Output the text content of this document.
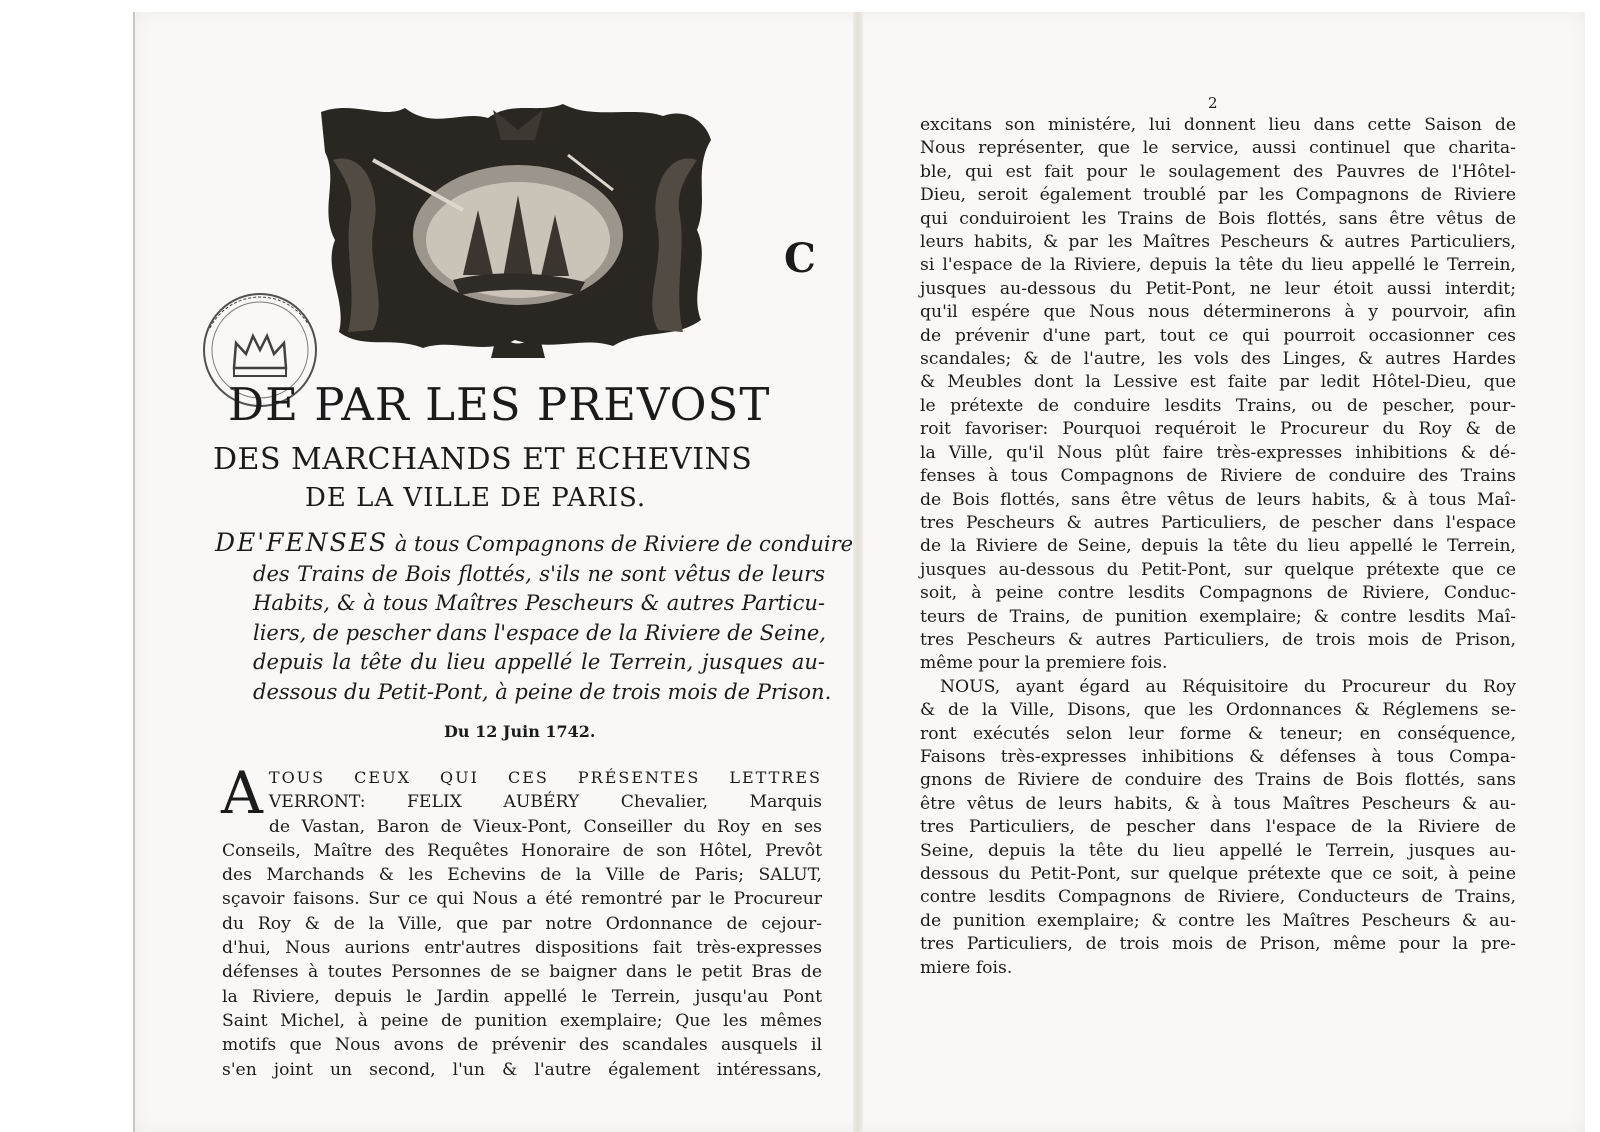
C
DE PAR LES PREVOST
DES MARCHANDS ET ECHEVINS
DE LA VILLE DE PARIS.
DE'FENSES à tous Compagnons de Riviere de conduire
des Trains de Bois flottés, s'ils ne sont vêtus de leurs
Habits, & à tous Maîtres Pescheurs & autres Particu-
liers, de pescher dans l'espace de la Riviere de Seine,
depuis la tête du lieu appellé le Terrein, jusques au-
dessous du Petit-Pont, à peine de trois mois de Prison.
Du 12 Juin 1742.
A TOUS CEUX QUI CES PRÉSENTES LETTRES
VERRONT: FELIX AUBÉRY Chevalier, Marquis
de Vastan, Baron de Vieux-Pont, Conseiller du Roy en ses
Conseils, Maître des Requêtes Honoraire de son Hôtel, Prevôt
des Marchands & les Echevins de la Ville de Paris; SALUT,
sçavoir faisons. Sur ce qui Nous a été remontré par le Procureur
du Roy & de la Ville, que par notre Ordonnance de cejour-
d'hui, Nous aurions entr'autres dispositions fait très-expresses
défenses à toutes Personnes de se baigner dans le petit Bras de
la Riviere, depuis le Jardin appellé le Terrein, jusqu'au Pont
Saint Michel, à peine de punition exemplaire; Que les mêmes
motifs que Nous avons de prévenir des scandales ausquels il
s'en joint un second, l'un & l'autre également intéressans,
2
excitans son ministére, lui donnent lieu dans cette Saison de
Nous représenter, que le service, aussi continuel que charita-
ble, qui est fait pour le soulagement des Pauvres de l'Hôtel-
Dieu, seroit également troublé par les Compagnons de Riviere
qui conduiroient les Trains de Bois flottés, sans être vêtus de
leurs habits, & par les Maîtres Pescheurs & autres Particuliers,
si l'espace de la Riviere, depuis la tête du lieu appellé le Terrein,
jusques au-dessous du Petit-Pont, ne leur étoit aussi interdit;
qu'il espére que Nous nous déterminerons à y pourvoir, afin
de prévenir d'une part, tout ce qui pourroit occasionner ces
scandales; & de l'autre, les vols des Linges, & autres Hardes
& Meubles dont la Lessive est faite par ledit Hôtel-Dieu, que
le prétexte de conduire lesdits Trains, ou de pescher, pour-
roit favoriser: Pourquoi requéroit le Procureur du Roy & de
la Ville, qu'il Nous plût faire très-expresses inhibitions & dé-
fenses à tous Compagnons de Riviere de conduire des Trains
de Bois flottés, sans être vêtus de leurs habits, & à tous Maî-
tres Pescheurs & autres Particuliers, de pescher dans l'espace
de la Riviere de Seine, depuis la tête du lieu appellé le Terrein,
jusques au-dessous du Petit-Pont, sur quelque prétexte que ce
soit, à peine contre lesdits Compagnons de Riviere, Conduc-
teurs de Trains, de punition exemplaire; & contre lesdits Maî-
tres Pescheurs & autres Particuliers, de trois mois de Prison,
même pour la premiere fois.
NOUS, ayant égard au Réquisitoire du Procureur du Roy
& de la Ville, Disons, que les Ordonnances & Réglemens se-
ront exécutés selon leur forme & teneur; en conséquence,
Faisons très-expresses inhibitions & défenses à tous Compa-
gnons de Riviere de conduire des Trains de Bois flottés, sans
être vêtus de leurs habits, & à tous Maîtres Pescheurs & au-
tres Particuliers, de pescher dans l'espace de la Riviere de
Seine, depuis la tête du lieu appellé le Terrein, jusques au-
dessous du Petit-Pont, sur quelque prétexte que ce soit, à peine
contre lesdits Compagnons de Riviere, Conducteurs de Trains,
de punition exemplaire; & contre les Maîtres Pescheurs & au-
tres Particuliers, de trois mois de Prison, même pour la pre-
miere fois.
